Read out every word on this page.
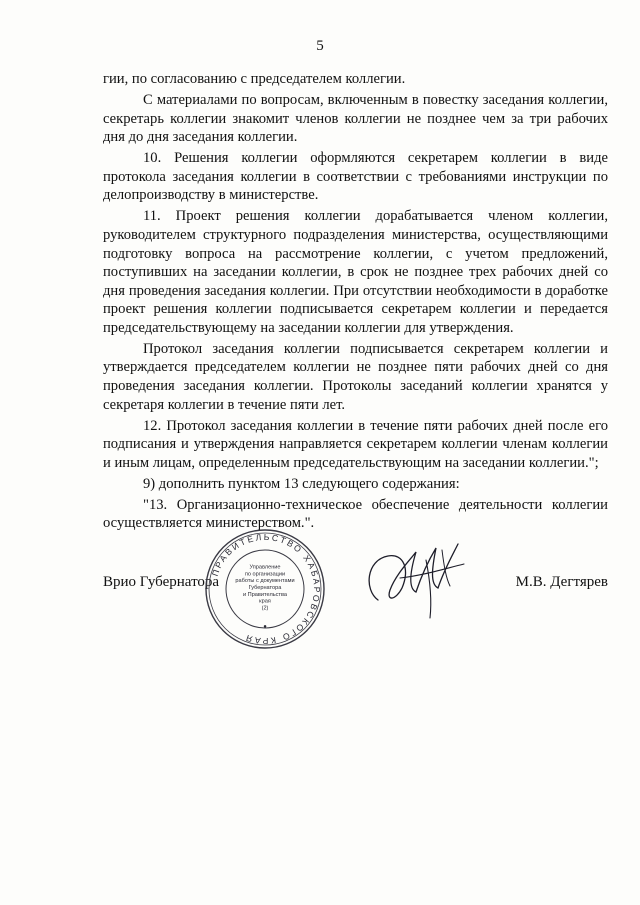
5

гии, по согласованию с председателем коллегии.

С материалами по вопросам, включенным в повестку заседания коллегии, секретарь коллегии знакомит членов коллегии не позднее чем за три рабочих дня до дня заседания коллегии.

10. Решения коллегии оформляются секретарем коллегии в виде протокола заседания коллегии в соответствии с требованиями инструкции по делопроизводству в министерстве.

11. Проект решения коллегии дорабатывается членом коллегии, руководителем структурного подразделения министерства, осуществляющими подготовку вопроса на рассмотрение коллегии, с учетом предложений, поступивших на заседании коллегии, в срок не позднее трех рабочих дней со дня проведения заседания коллегии. При отсутствии необходимости в доработке проект решения коллегии подписывается секретарем коллегии и передается председательствующему на заседании коллегии для утверждения.

Протокол заседания коллегии подписывается секретарем коллегии и утверждается председателем коллегии не позднее пяти рабочих дней со дня проведения заседания коллегии. Протоколы заседаний коллегии хранятся у секретаря коллегии в течение пяти лет.

12. Протокол заседания коллегии в течение пяти рабочих дней после его подписания и утверждения направляется секретарем коллегии членам коллегии и иным лицам, определенным председательствующим на заседании коллегии.";

9) дополнить пунктом 13 следующего содержания:

"13. Организационно-техническое обеспечение деятельности коллегии осуществляется министерством.".

Врио Губернатора	М.В. Дегтярев
ПРАВИТЕЛЬСТВО ХАБАРОВСКОГО КРАЯ
●
Управление
по организации
работы с документами
Губернатора
и Правительства
края
(2)
